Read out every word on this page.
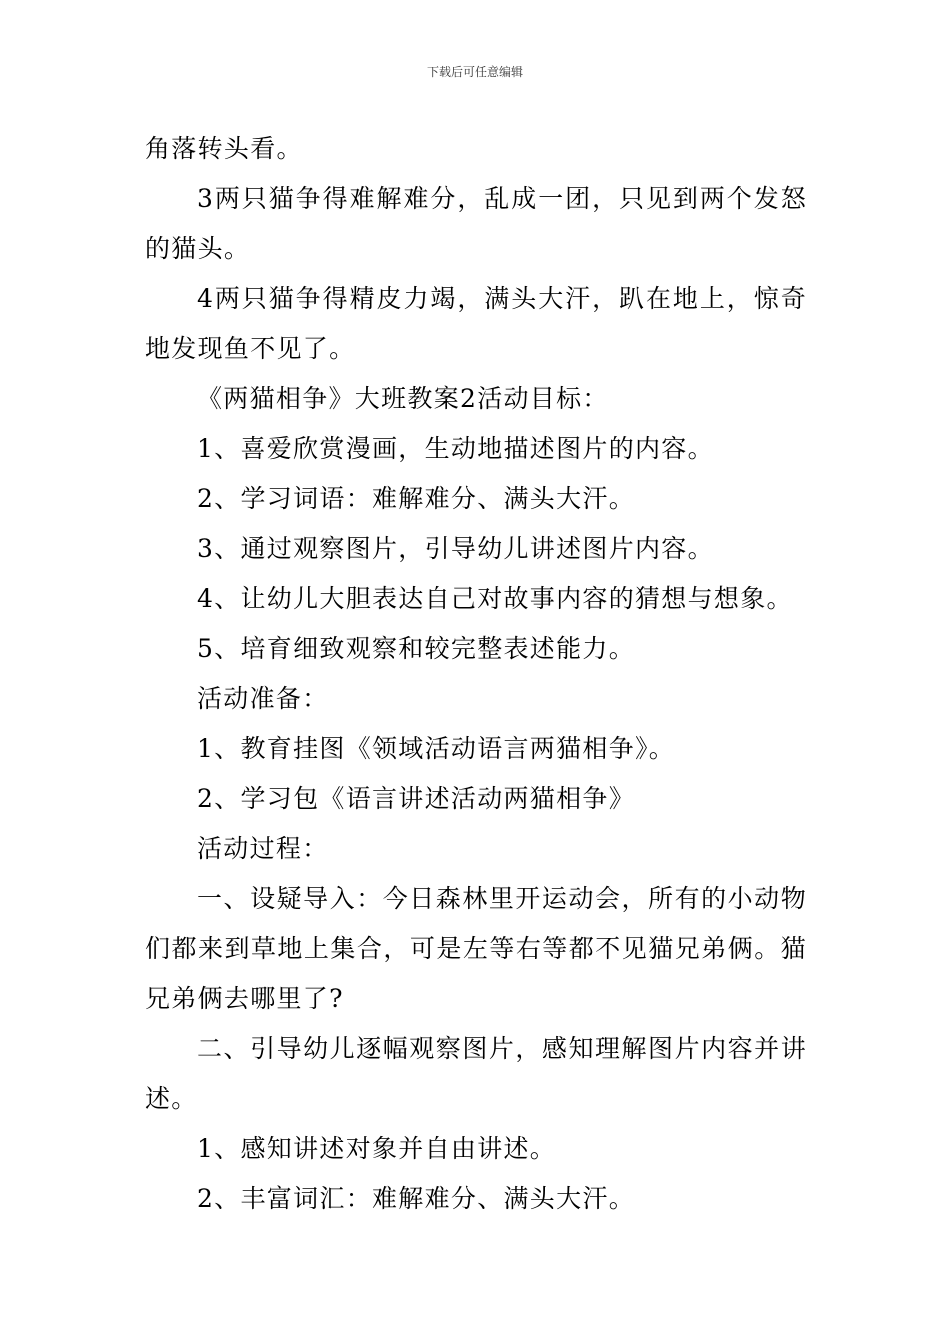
下载后可任意编辑

角落转头看。

3两只猫争得难解难分，乱成一团，只见到两个发怒的猫头。

4两只猫争得精皮力竭，满头大汗，趴在地上，惊奇地发现鱼不见了。

《两猫相争》大班教案2活动目标：

1、喜爱欣赏漫画，生动地描述图片的内容。

2、学习词语：难解难分、满头大汗。

3、通过观察图片，引导幼儿讲述图片内容。

4、让幼儿大胆表达自己对故事内容的猜想与想象。

5、培育细致观察和较完整表述能力。

活动准备：

1、教育挂图《领域活动语言两猫相争》。

2、学习包《语言讲述活动两猫相争》

活动过程：

一、设疑导入：今日森林里开运动会，所有的小动物们都来到草地上集合，可是左等右等都不见猫兄弟俩。猫兄弟俩去哪里了?

二、引导幼儿逐幅观察图片，感知理解图片内容并讲述。

1、感知讲述对象并自由讲述。

2、丰富词汇：难解难分、满头大汗。
